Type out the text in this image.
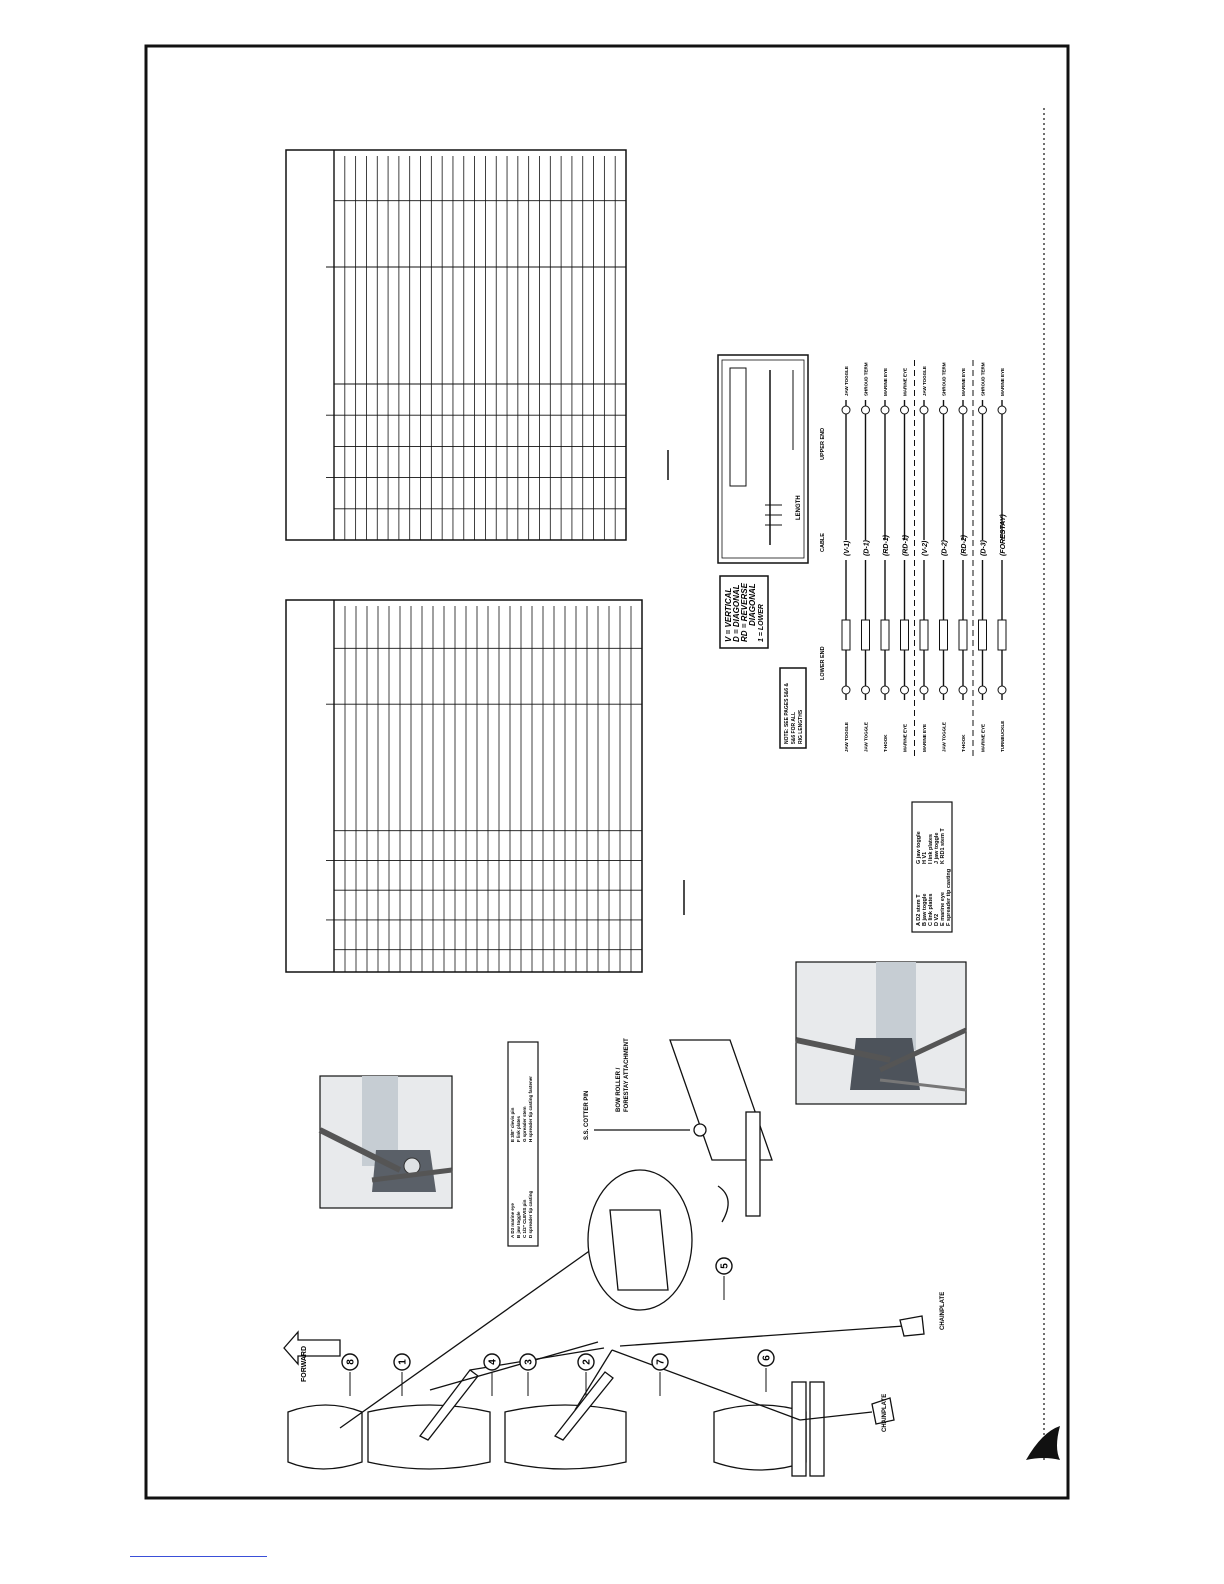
LENGTH
NOTE: SEE PAGES 5&6 & 5&6 FOR ALL RIG LENGTHS
V = VERTICAL D = DIAGONAL RD = REVERSE DIAGONAL 1 = LOWER
LOWER END
CABLE
UPPER END
JAW TOGGLE
(V-1)
JAW TOGGLE
JAW TOGGLE
(D-1)
SHROUD TERM
T-HOOK
(RD-1)
MARINE EYE
MARINE EYE
(RD-1)
MARINE EYE
MARINE EYE
(V-2)
JAW TOGGLE
JAW TOGGLE
(D-2)
SHROUD TERM
T-HOOK
(RD-2)
MARINE EYE
MARINE EYE
(D-3)
SHROUD TERM
TURNBUCKLE
(FORESTAY)
MARINE EYE
1	2
3
4
5
6
7
8
FORWARD
CHAINPLATE
CHAINPLATE
S.S. COTTER PIN
BOW ROLLER / FORESTAY ATTACHMENT
A D3 marine eye B jaw toggle C 1/2" CLEVIS pin D spreader tip casting
E 3/8" clevis pin F link plates G spreader stem H spreader tip casting fastener
A D2 stem T B jaw toggle C link plates D V2 E marine eye F spreader tip casting
G jaw toggle H V1 I link plates J jaw toggle K RD1 stem T
